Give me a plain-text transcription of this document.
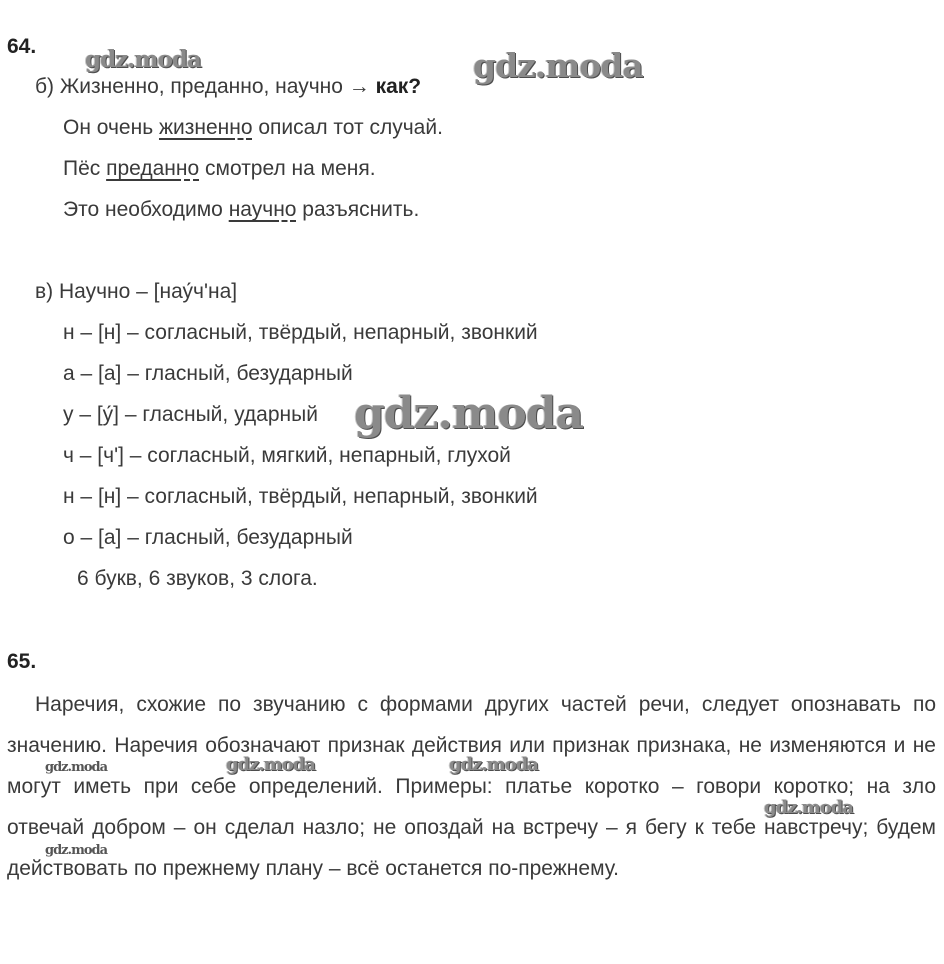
64.
б) Жизненно, преданно, научно → как?
Он очень жизненно описал тот случай.
Пёс преданно смотрел на меня.
Это необходимо научно разъяснить.
в) Научно – [нау́ч'на]
н – [н] – согласный, твёрдый, непарный, звонкий
а – [а] – гласный, безударный
у – [у́] – гласный, ударный
ч – [ч'] – согласный, мягкий, непарный, глухой
н – [н] – согласный, твёрдый, непарный, звонкий
о – [а] – гласный, безударный
6 букв, 6 звуков, 3 слога.
65.

Наречия, схожие по звучанию с формами других частей речи, следует опознавать по значению. Наречия обозначают признак действия или признак признака, не изменяются и не могут иметь при себе определений. Примеры: платье коротко – говори коротко; на зло отвечай добром – он сделал назло; не опоздай на встречу – я бегу к тебе навстречу; будем действовать по прежнему плану – всё останется по-прежнему.

gdz.moda	gdz.moda
gdz.moda
gdz.moda	gdz.moda
gdz.moda
gdz.moda
gdz.moda
